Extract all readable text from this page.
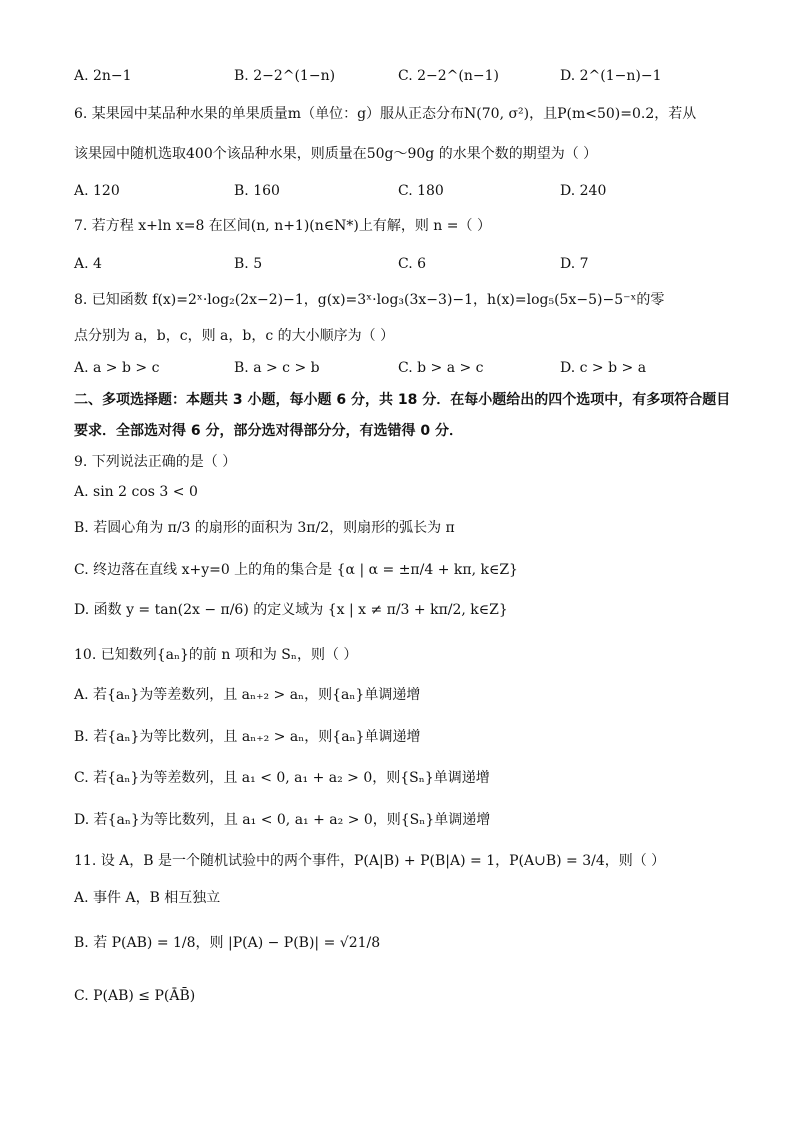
A. 2n−1	B. 2−2^(1−n)	C. 2−2^(n−1)	D. 2^(1−n)−1
6. 某果园中某品种水果的单果质量m（单位：g）服从正态分布N(70, σ²)，且P(m<50)=0.2，若从
该果园中随机选取400个该品种水果，则质量在50g～90g 的水果个数的期望为（ ）
A. 120	B. 160	C. 180	D. 240
7. 若方程 x+ln x=8 在区间(n, n+1)(n∈N*)上有解，则 n =（ ）
A. 4	B. 5	C. 6	D. 7
8. 已知函数 f(x)=2ˣ·log₂(2x−2)−1，g(x)=3ˣ·log₃(3x−3)−1，h(x)=log₅(5x−5)−5⁻ˣ的零
点分别为 a，b，c，则 a，b，c 的大小顺序为（ ）
A. a > b > c	B. a > c > b	C. b > a > c	D. c > b > a
二、多项选择题：本题共 3 小题，每小题 6 分，共 18 分．在每小题给出的四个选项中，有多项符合题目
要求．全部选对得 6 分，部分选对得部分分，有选错得 0 分．
9. 下列说法正确的是（ ）
A. sin 2 cos 3 < 0
B. 若圆心角为 π/3 的扇形的面积为 3π/2，则扇形的弧长为 π
C. 终边落在直线 x+y=0 上的角的集合是 {α | α = ±π/4 + kπ, k∈Z}
D. 函数 y = tan(2x − π/6) 的定义域为 {x | x ≠ π/3 + kπ/2, k∈Z}
10. 已知数列{aₙ}的前 n 项和为 Sₙ，则（ ）
A. 若{aₙ}为等差数列，且 aₙ₊₂ > aₙ，则{aₙ}单调递增
B. 若{aₙ}为等比数列，且 aₙ₊₂ > aₙ，则{aₙ}单调递增
C. 若{aₙ}为等差数列，且 a₁ < 0, a₁ + a₂ > 0，则{Sₙ}单调递增
D. 若{aₙ}为等比数列，且 a₁ < 0, a₁ + a₂ > 0，则{Sₙ}单调递增
11. 设 A，B 是一个随机试验中的两个事件，P(A|B) + P(B|A) = 1，P(A∪B) = 3/4，则（ ）
A. 事件 A，B 相互独立
B. 若 P(AB) = 1/8，则 |P(A) − P(B)| = √21/8
C. P(AB) ≤ P(ĀB̄)
